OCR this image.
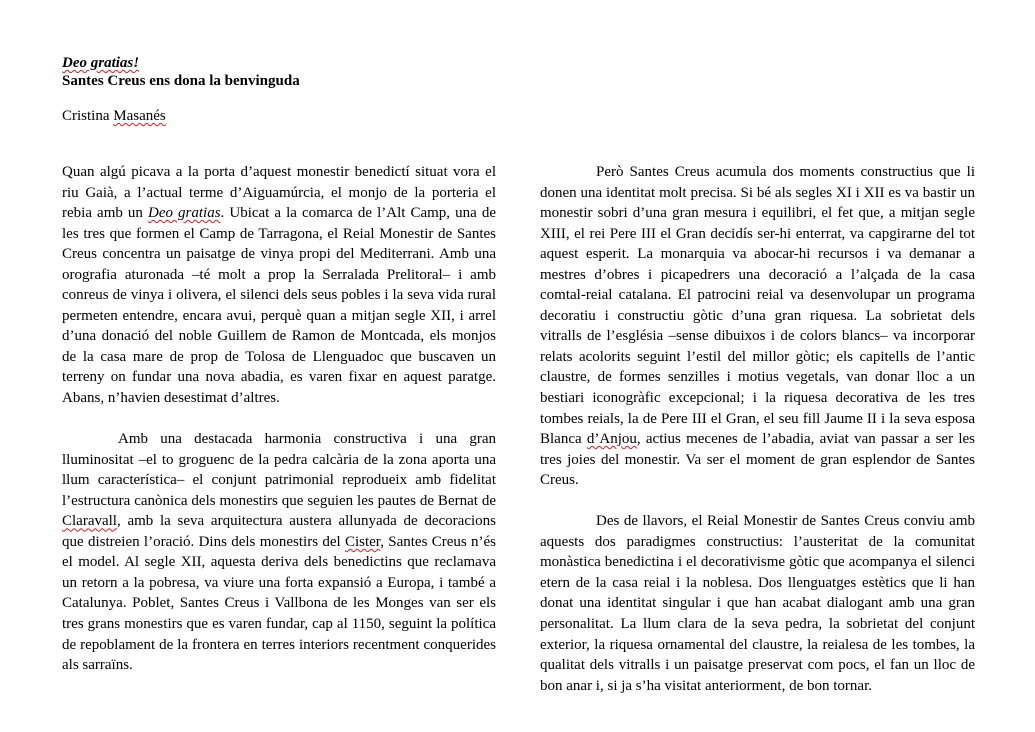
Deo gratias!
Santes Creus ens dona la benvinguda
Cristina Masanés

Quan algú picava a la porta d’aquest monestir benedictí situat vora el riu Gaià, a l’actual terme d’Aiguamúrcia, el monjo de la porteria el rebia amb un Deo gratias. Ubicat a la comarca de l’Alt Camp, una de les tres que formen el Camp de Tarragona, el Reial Monestir de Santes Creus concentra un paisatge de vinya propi del Mediterrani. Amb una orografia aturonada –té molt a prop la Serralada Prelitoral– i amb conreus de vinya i olivera, el silenci dels seus pobles i la seva vida rural permeten entendre, encara avui, perquè quan a mitjan segle XII, i arrel d’una donació del noble Guillem de Ramon de Montcada, els monjos de la casa mare de prop de Tolosa de Llenguadoc que buscaven un terreny on fundar una nova abadia, es varen fixar en aquest paratge. Abans, n’havien desestimat d’altres.

Amb una destacada harmonia constructiva i una gran lluminositat –el to groguenc de la pedra calcària de la zona aporta una llum característica– el conjunt patrimonial reprodueix amb fidelitat l’estructura canònica dels monestirs que seguien les pautes de Bernat de Claravall, amb la seva arquitectura austera allunyada de decoracions que distreien l’oració. Dins dels monestirs del Cister, Santes Creus n’és el model. Al segle XII, aquesta deriva dels benedictins que reclamava un retorn a la pobresa, va viure una forta expansió a Europa, i també a Catalunya. Poblet, Santes Creus i Vallbona de les Monges van ser els tres grans monestirs que es varen fundar, cap al 1150, seguint la política de repoblament de la frontera en terres interiors recentment conquerides als sarraïns.

Però Santes Creus acumula dos moments constructius que li donen una identitat molt precisa. Si bé als segles XI i XII es va bastir un monestir sobri d’una gran mesura i equilibri, el fet que, a mitjan segle XIII, el rei Pere III el Gran decidís ser-hi enterrat, va capgirarne del tot aquest esperit. La monarquia va abocar-hi recursos i va demanar a mestres d’obres i picapedrers una decoració a l’alçada de la casa comtal-reial catalana. El patrocini reial va desenvolupar un programa decoratiu i constructiu gòtic d’una gran riquesa. La sobrietat dels vitralls de l’església –sense dibuixos i de colors blancs– va incorporar relats acolorits seguint l’estil del millor gòtic; els capitells de l’antic claustre, de formes senzilles i motius vegetals, van donar lloc a un bestiari iconogràfic excepcional; i la riquesa decorativa de les tres tombes reials, la de Pere III el Gran, el seu fill Jaume II i la seva esposa Blanca d’Anjou, actius mecenes de l’abadia, aviat van passar a ser les tres joies del monestir. Va ser el moment de gran esplendor de Santes Creus.

Des de llavors, el Reial Monestir de Santes Creus conviu amb aquests dos paradigmes constructius: l’austeritat de la comunitat monàstica benedictina i el decorativisme gòtic que acompanya el silenci etern de la casa reial i la noblesa. Dos llenguatges estètics que li han donat una identitat singular i que han acabat dialogant amb una gran personalitat. La llum clara de la seva pedra, la sobrietat del conjunt exterior, la riquesa ornamental del claustre, la reialesa de les tombes, la qualitat dels vitralls i un paisatge preservat com pocs, el fan un lloc de bon anar i, si ja s’ha visitat anteriorment, de bon tornar.
